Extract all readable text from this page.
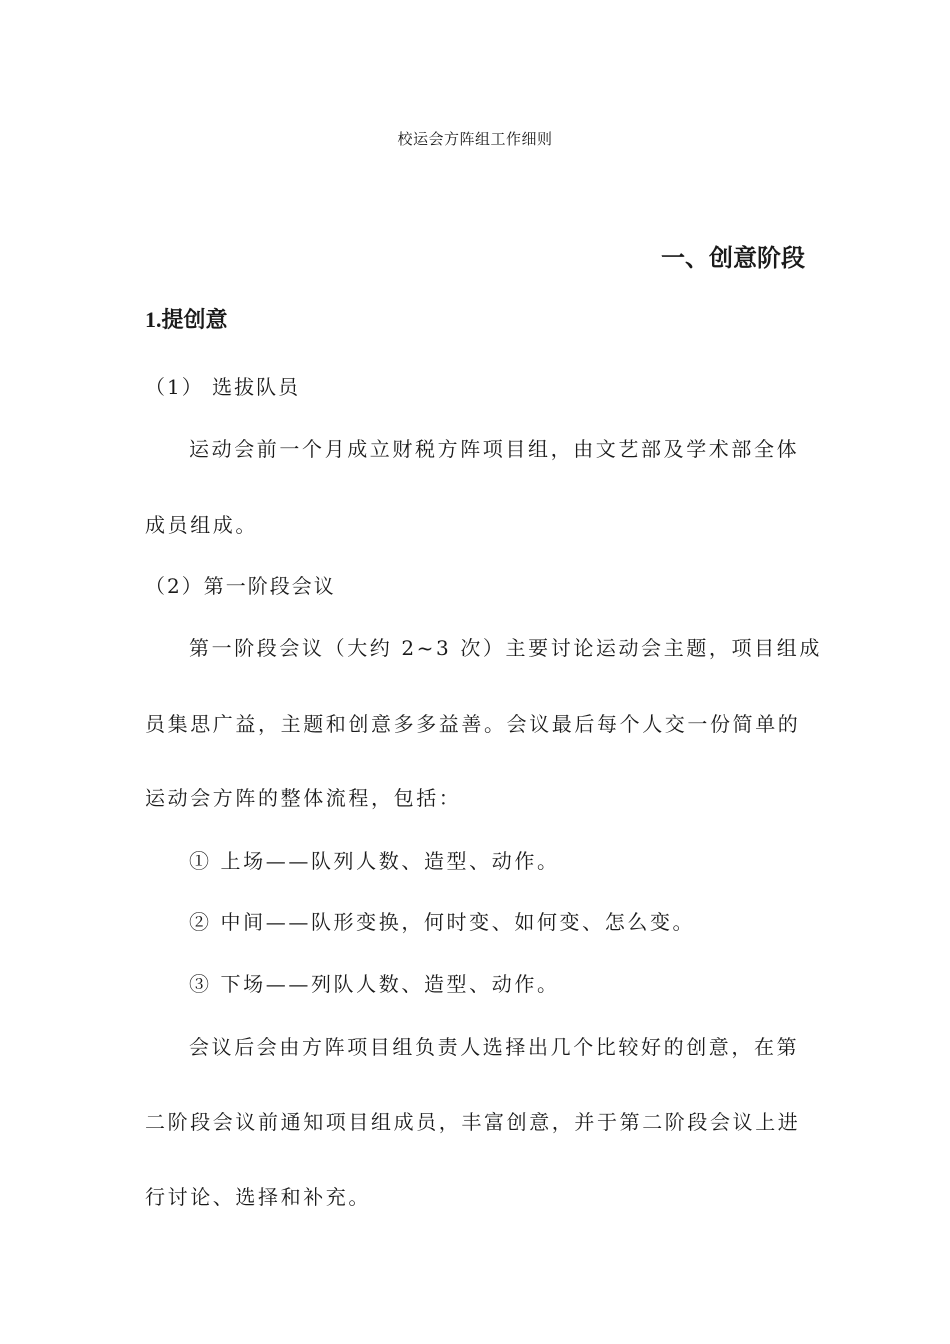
校运会方阵组工作细则
一、创意阶段
1.提创意
（1） 选拔队员
运动会前一个月成立财税方阵项目组，由文艺部及学术部全体
成员组成。
（2）第一阶段会议
第一阶段会议（大约 2~3 次）主要讨论运动会主题，项目组成
员集思广益，主题和创意多多益善。会议最后每个人交一份简单的
运动会方阵的整体流程，包括：
① 上场——队列人数、造型、动作。
② 中间——队形变换，何时变、如何变、怎么变。
③ 下场——列队人数、造型、动作。
会议后会由方阵项目组负责人选择出几个比较好的创意，在第
二阶段会议前通知项目组成员，丰富创意，并于第二阶段会议上进
行讨论、选择和补充。
